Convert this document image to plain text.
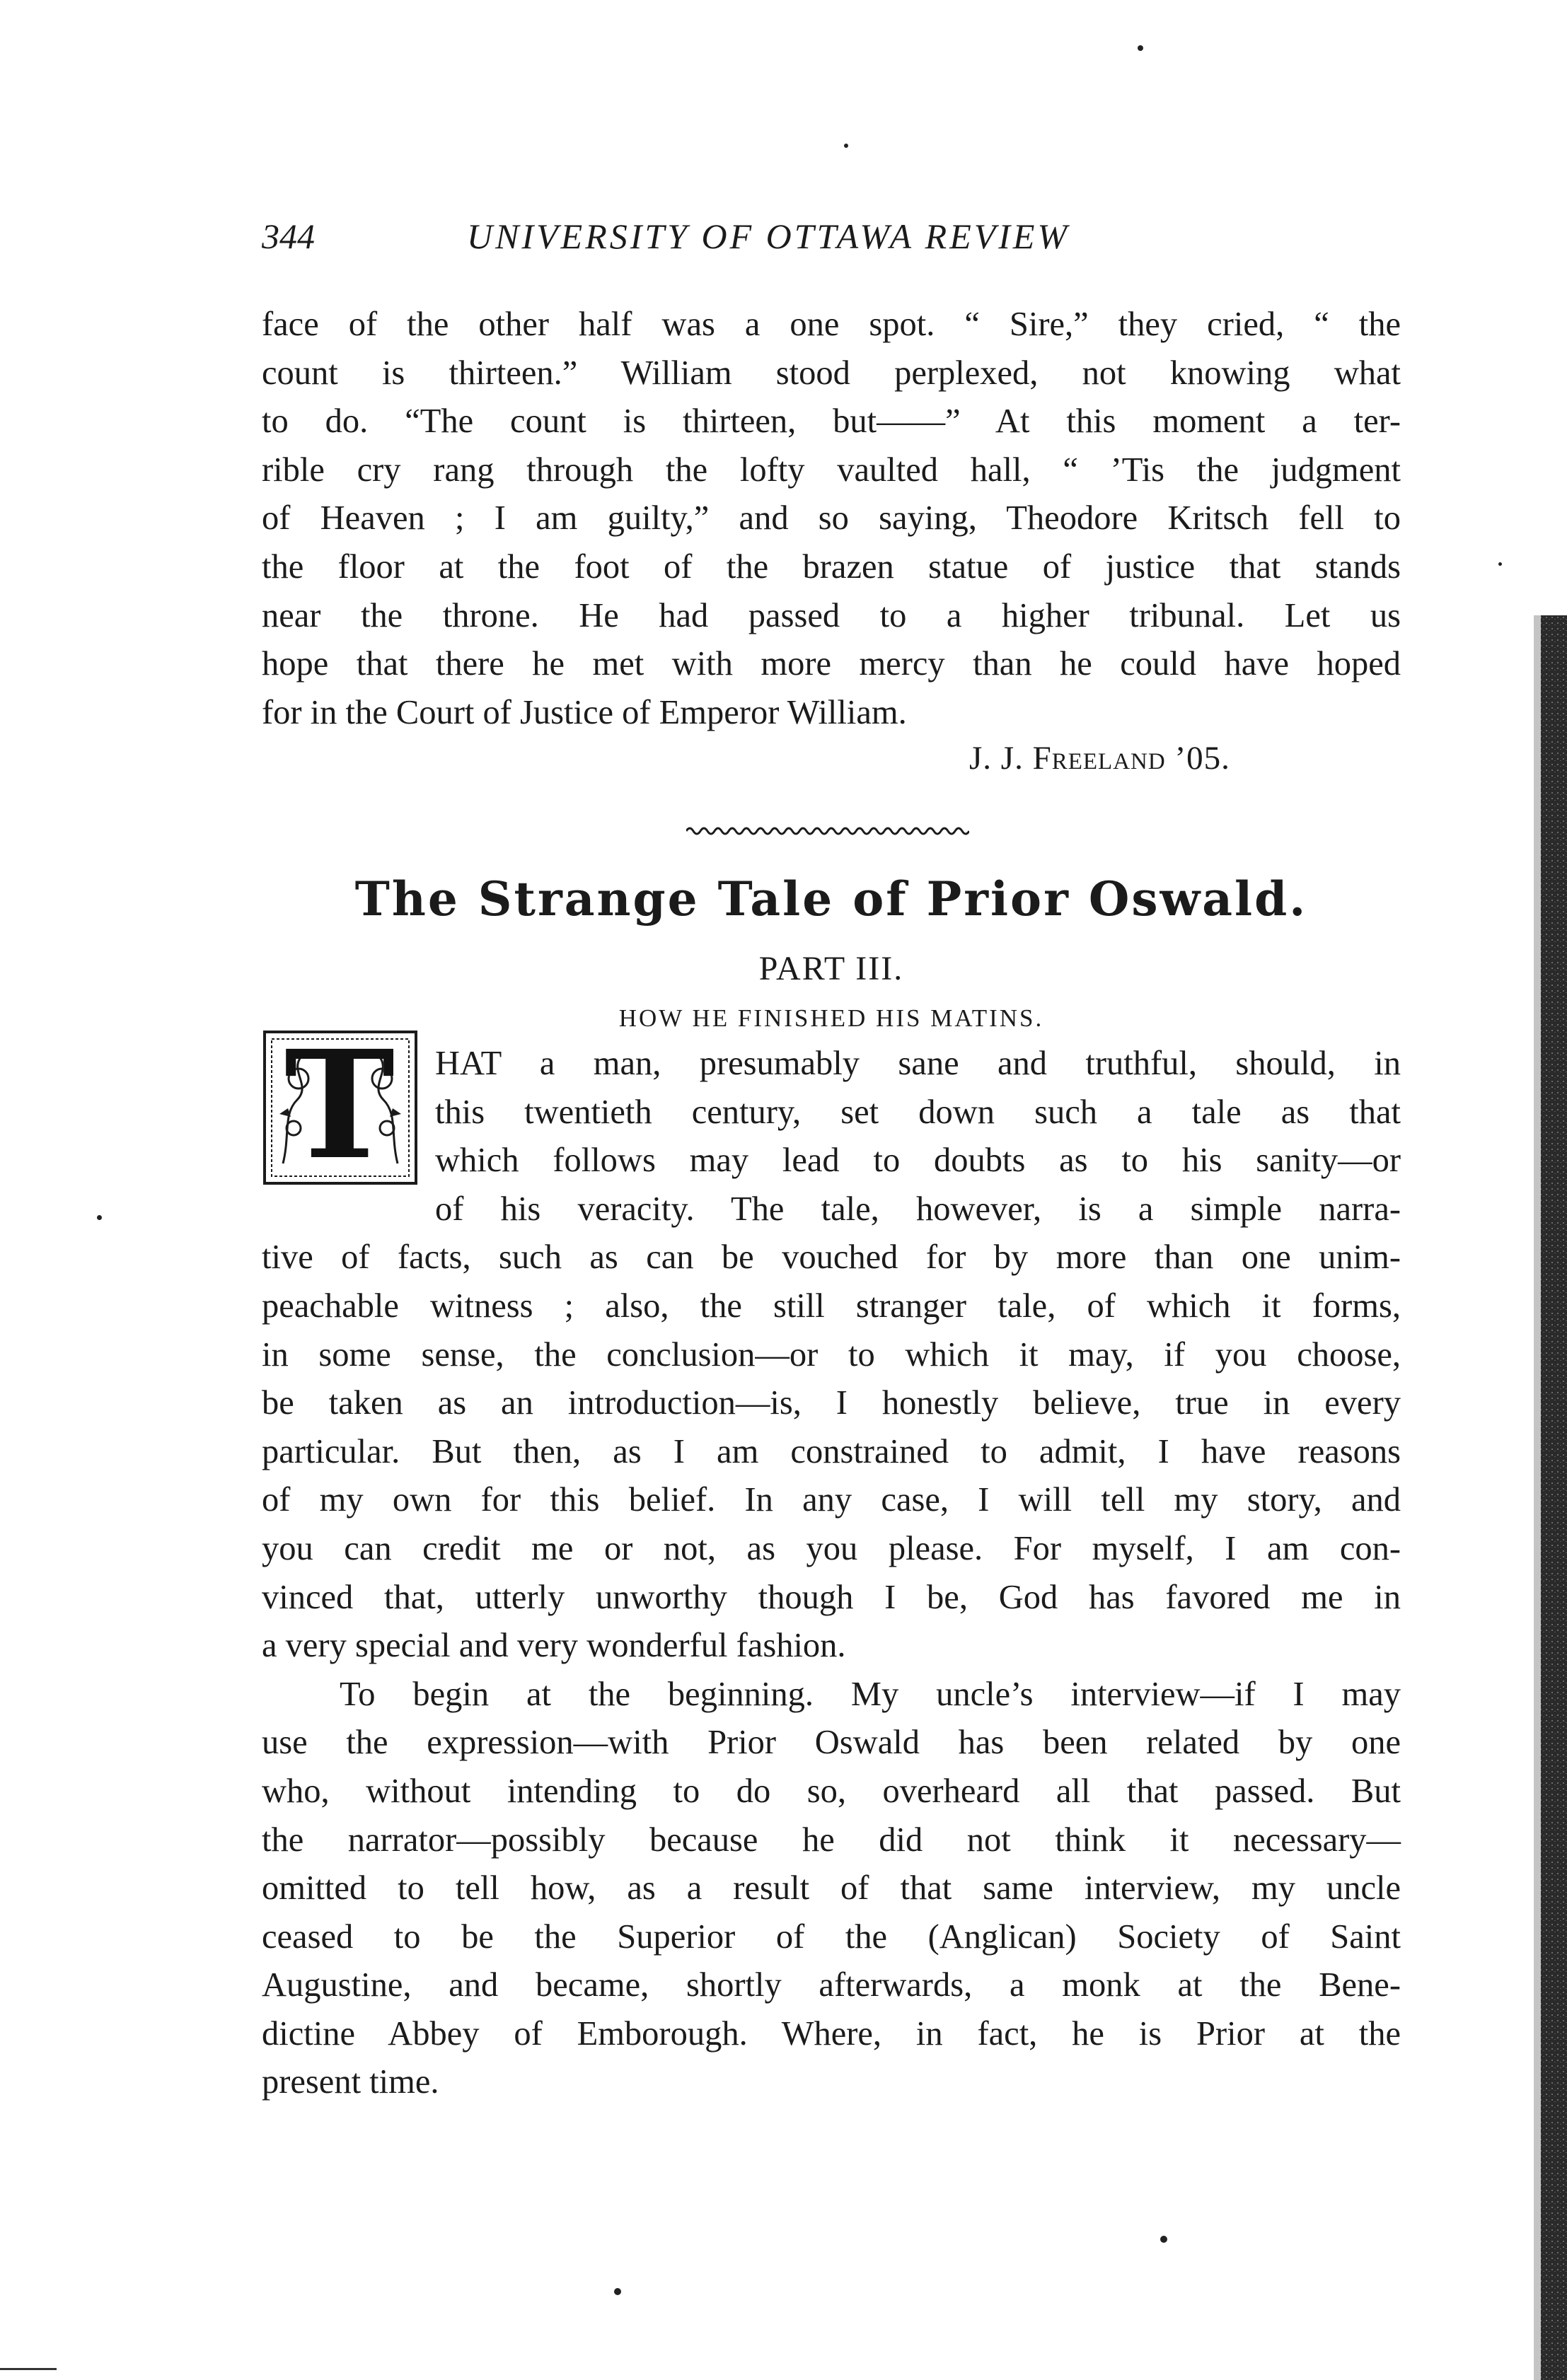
344	UNIVERSITY OF OTTAWA REVIEW
face of the other half was a one spot. “ Sire,” they cried, “ the
count is thirteen.” William stood perplexed, not knowing what
to do. “The count is thirteen, but——” At this moment a ter-
rible cry rang through the lofty vaulted hall, “ ’Tis the judgment
of Heaven ; I am guilty,” and so saying, Theodore Kritsch fell to
the floor at the foot of the brazen statue of justice that stands
near the throne. He had passed to a higher tribunal. Let us
hope that there he met with more mercy than he could have hoped
for in the Court of Justice of Emperor William.
J. J. Freeland ’05.
The Strange Tale of Prior Oswald.
PART III.
HOW HE FINISHED HIS MATINS.
T HAT a man, presumably sane and truthful, should, in
this twentieth century, set down such a tale as that
which follows may lead to doubts as to his sanity—or
of his veracity. The tale, however, is a simple narra-
tive of facts, such as can be vouched for by more than one unim-
peachable witness ; also, the still stranger tale, of which it forms,
in some sense, the conclusion—or to which it may, if you choose,
be taken as an introduction—is, I honestly believe, true in every
particular. But then, as I am constrained to admit, I have reasons
of my own for this belief. In any case, I will tell my story, and
you can credit me or not, as you please. For myself, I am con-
vinced that, utterly unworthy though I be, God has favored me in
a very special and very wonderful fashion.
To begin at the beginning. My uncle’s interview—if I may
use the expression—with Prior Oswald has been related by one
who, without intending to do so, overheard all that passed. But
the narrator—possibly because he did not think it necessary—
omitted to tell how, as a result of that same interview, my uncle
ceased to be the Superior of the (Anglican) Society of Saint
Augustine, and became, shortly afterwards, a monk at the Bene-
dictine Abbey of Emborough. Where, in fact, he is Prior at the
present time.
